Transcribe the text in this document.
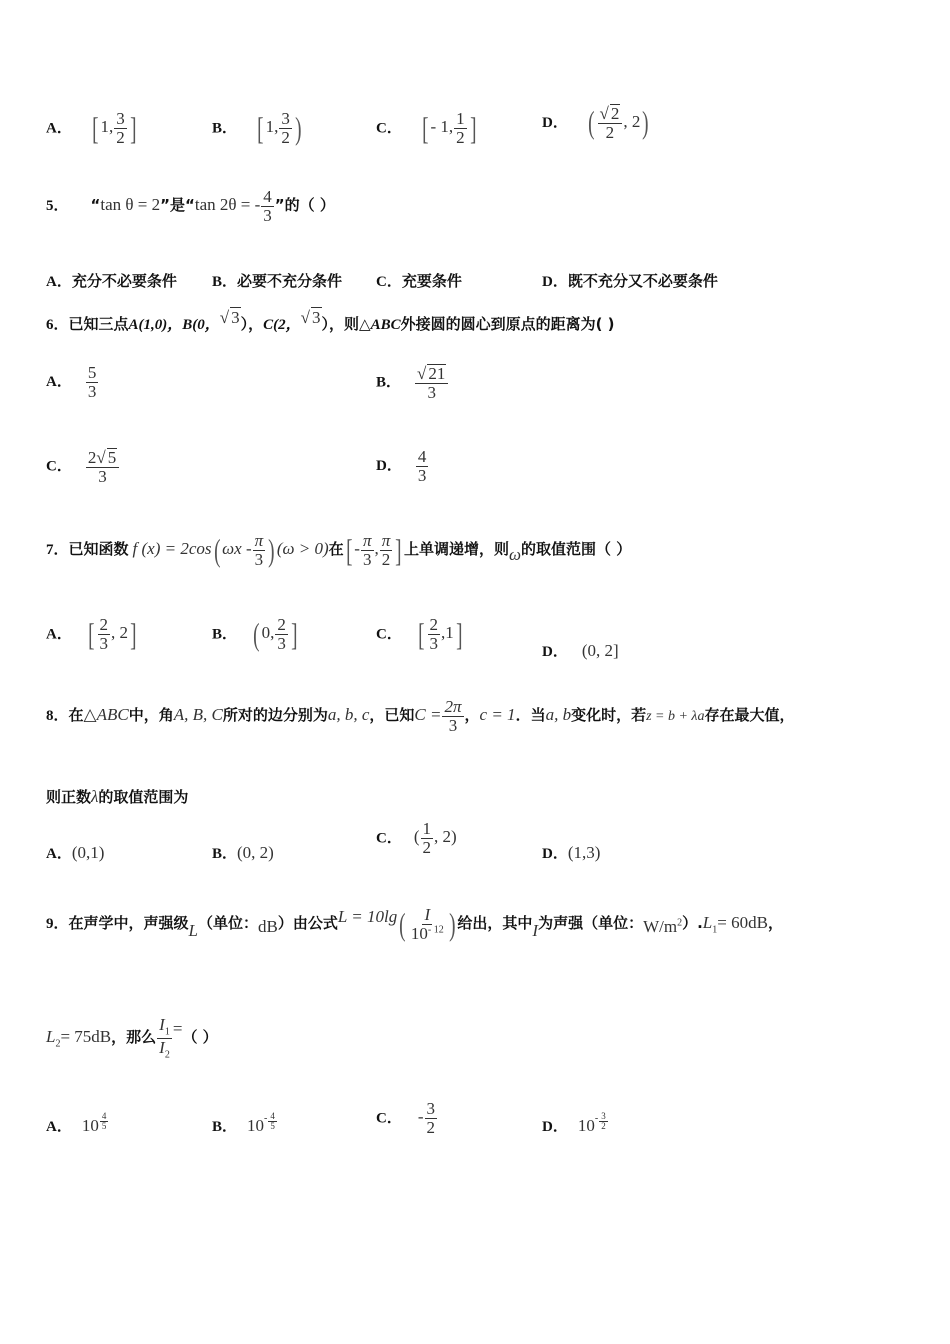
A． [ 1, $\frac{3}{2}$ ]	B． [ 1, $\frac{3}{2}$ )	C． [ - 1, $\frac{1}{2}$ ]	D． ( $\frac{√ 2}{2}$ , 2)
5． “tan θ = 2”是“tan 2θ = - $\frac{4}{3}$ ”的（ ）
A．充分不必要条件 B．必要不充分条件 C．充要条件	D．既不充分又不必要条件
6．已知三点A(1,0)，B(0，√ 3），C(2，√ 3），则△ABC外接圆的圆心到原点的距离为( )
A． $\frac{5}{3}$	B． $\frac{√ 21}{3}$
C． $\frac{2√ 5}{3}$	D． $\frac{4}{3}$
7．已知函数 f (x) = 2cos( ωx - $\frac{\pi}{3}$ ) (ω > 0)在[ - $\frac{\pi}{3}$ , $\frac{\pi}{2}$ ] 上单调递增，则ω的取值范围（ ）
A． [ $\frac{2}{3}$ , 2]	B． ( 0, $\frac{2}{3}$ ]	C． [ $\frac{2}{3} ,1$]	D． (0, 2]
8．在△ABC中，角A, B, C所对的边分别为a, b, c，已知$C = \frac{2\pi}{3}$ ，c = 1．当a, b变化时，若z = b + λa存在最大值，
则正数λ的取值范围为
A．(0,1)	B．(0, 2)
C． ( $\frac{1}{2}$ , 2)
D．(1,3)
9．在声学中，声强级L（单位：dB）由公式$L = 10\lg( \frac{I}{10^{- 12}}$ ) 给出，其中I为声强（单位：$W/m^2).L_1= 60dB$，
$L_2= 75dB$，那么 $\frac{I_1}{I_2}$ =（ ）
A． $10 \frac{4}{5}$	B． $10^- \frac{4}{5}$	C． - $\frac{3}{2}$	D． $10^- \frac{3}{2}$
